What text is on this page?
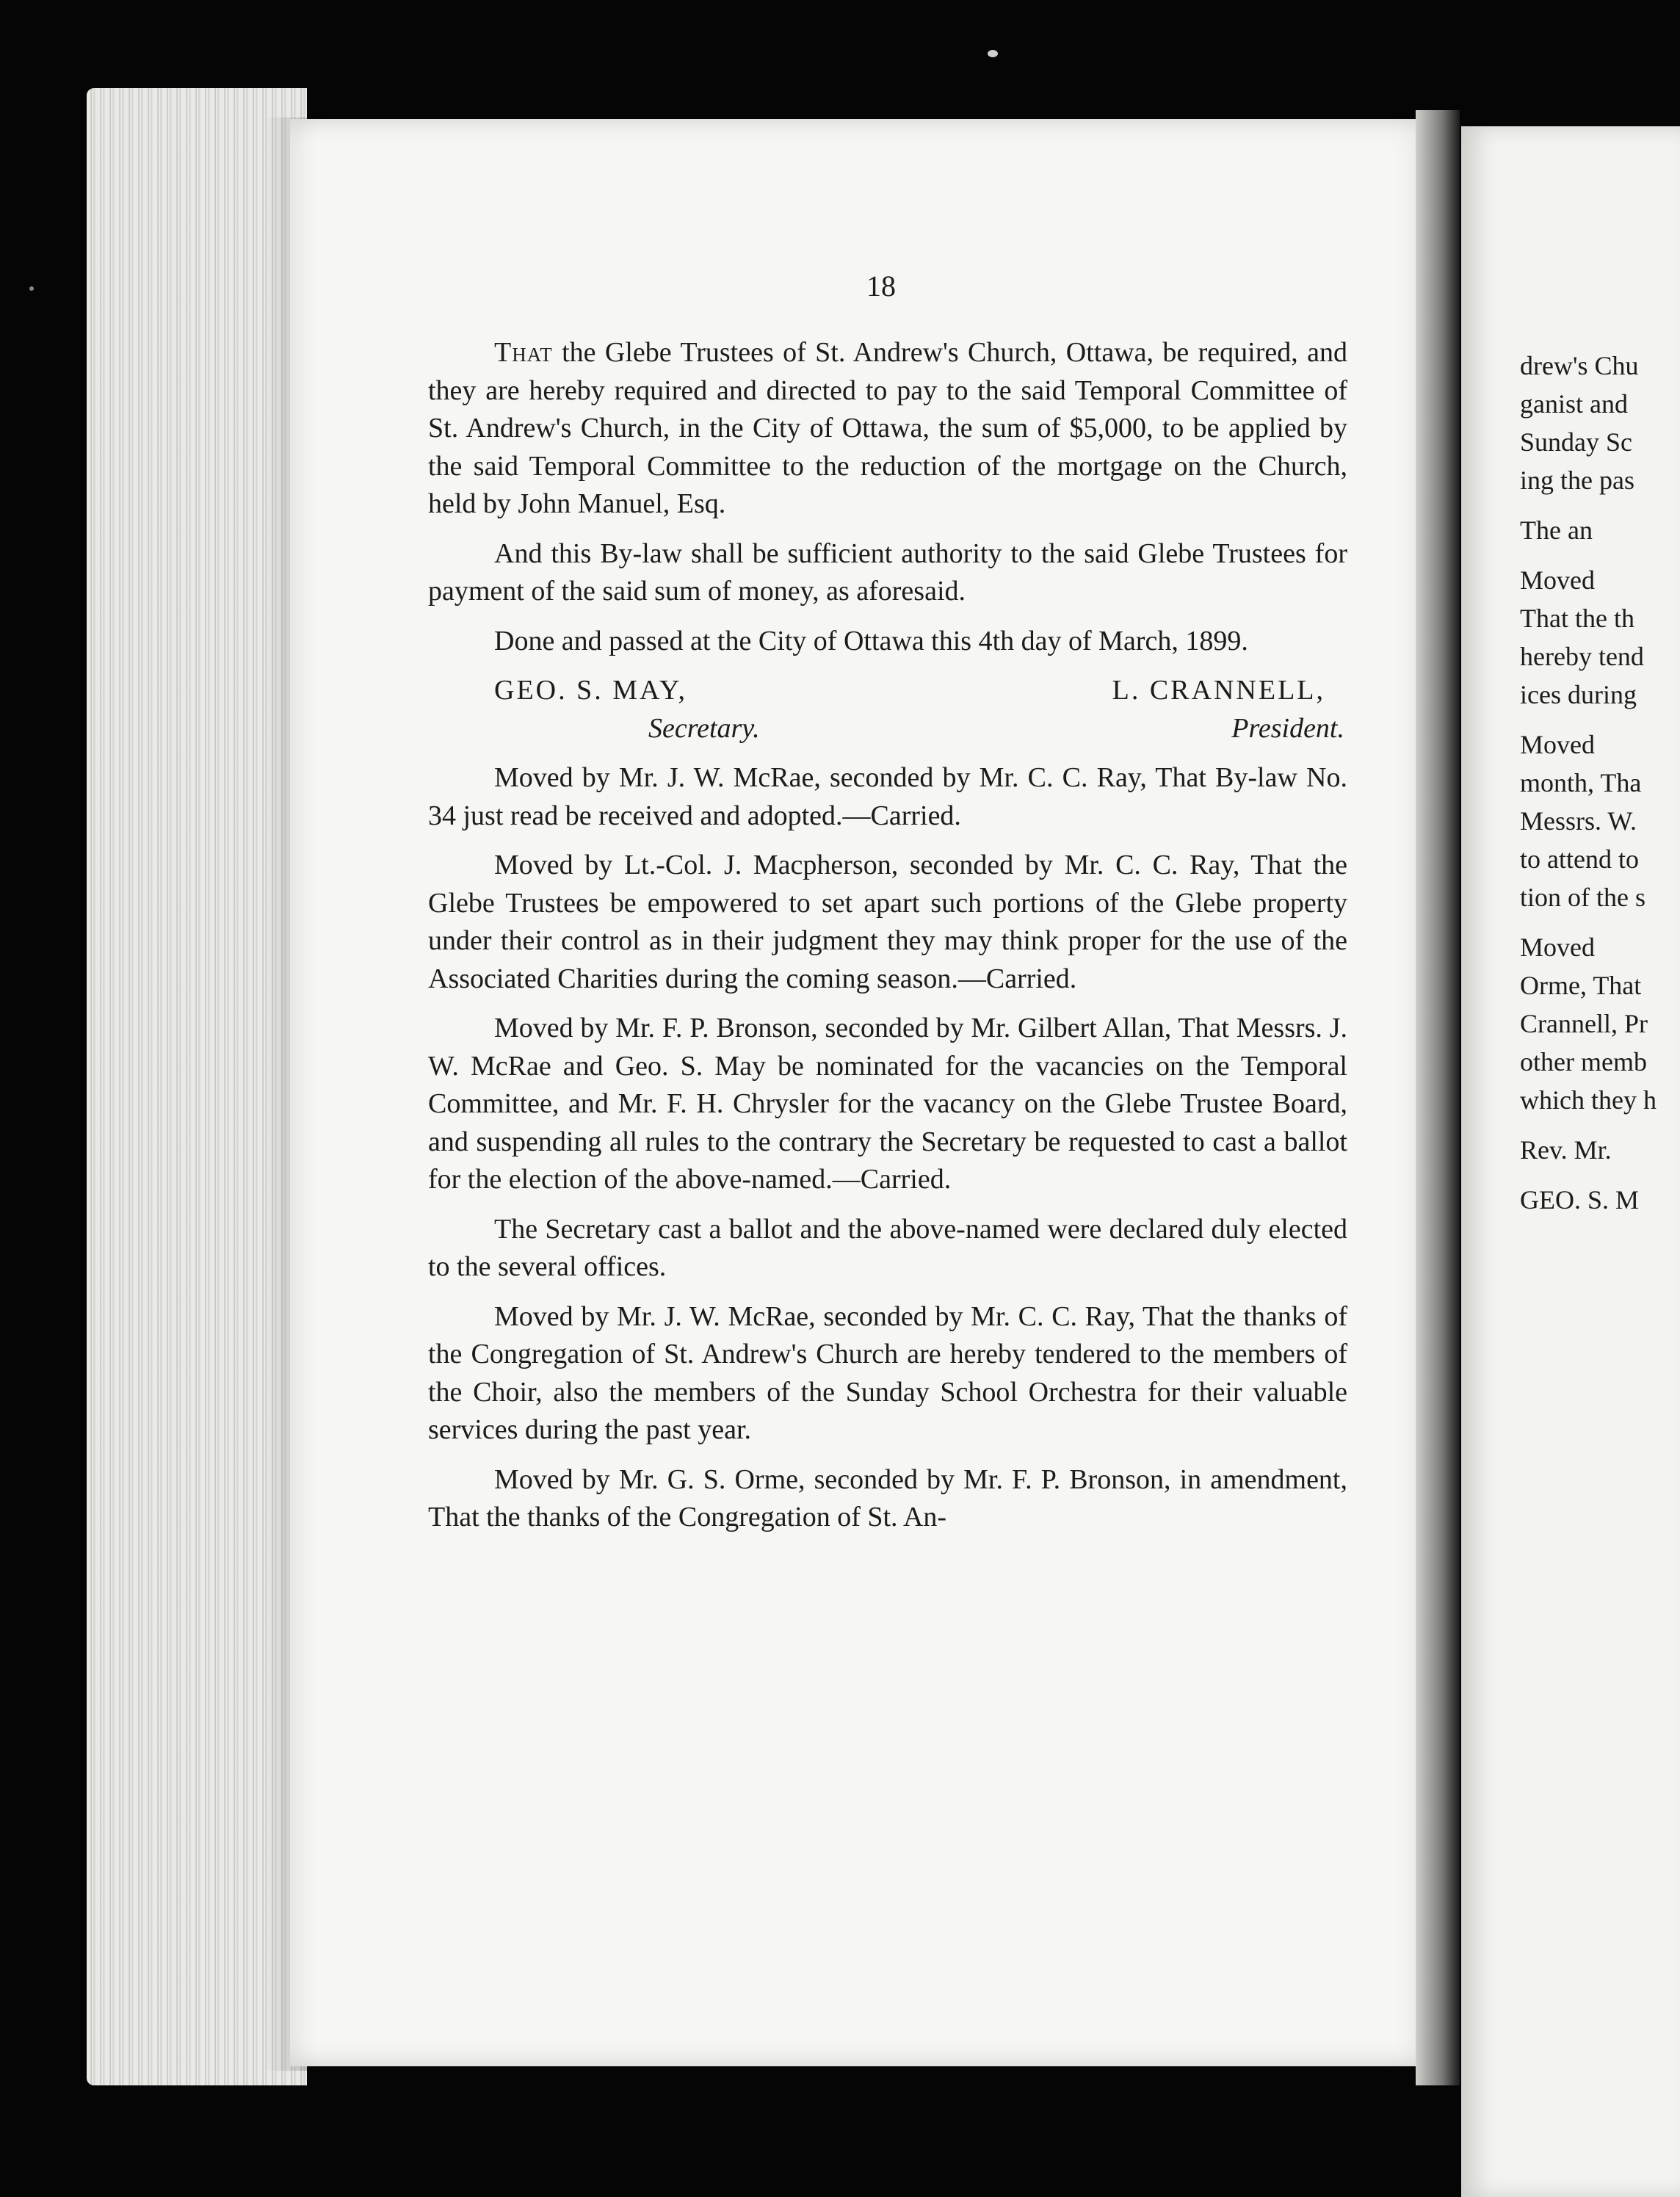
18

That the Glebe Trustees of St. Andrew's Church, Ottawa, be required, and they are hereby required and directed to pay to the said Temporal Committee of St. Andrew's Church, in the City of Ottawa, the sum of $5,000, to be applied by the said Temporal Committee to the reduction of the mortgage on the Church, held by John Manuel, Esq.

And this By-law shall be sufficient authority to the said Glebe Trustees for payment of the said sum of money, as aforesaid.

Done and passed at the City of Ottawa this 4th day of March, 1899.

GEO. S. MAY,	L. CRANNELL,
Secretary.	President.

Moved by Mr. J. W. McRae, seconded by Mr. C. C. Ray, That By-law No. 34 just read be received and adopted.—Carried.

Moved by Lt.-Col. J. Macpherson, seconded by Mr. C. C. Ray, That the Glebe Trustees be empowered to set apart such portions of the Glebe property under their control as in their judgment they may think proper for the use of the Associated Charities during the coming season.—Carried.

Moved by Mr. F. P. Bronson, seconded by Mr. Gilbert Allan, That Messrs. J. W. McRae and Geo. S. May be nominated for the vacancies on the Temporal Committee, and Mr. F. H. Chrysler for the vacancy on the Glebe Trustee Board, and suspending all rules to the contrary the Secretary be requested to cast a ballot for the election of the above-named.—Carried.

The Secretary cast a ballot and the above-named were declared duly elected to the several offices.

Moved by Mr. J. W. McRae, seconded by Mr. C. C. Ray, That the thanks of the Congregation of St. Andrew's Church are hereby tendered to the members of the Choir, also the members of the Sunday School Orchestra for their valuable services during the past year.

Moved by Mr. G. S. Orme, seconded by Mr. F. P. Bronson, in amendment, That the thanks of the Congregation of St. An-

drew's Chu
ganist and
Sunday Sc
ing the pas
The an
Moved
That the th
hereby tend
ices during
Moved
month, Tha
Messrs. W.
to attend to
tion of the s
Moved
Orme, That
Crannell, Pr
other memb
which they h
Rev. Mr.
GEO. S. M
